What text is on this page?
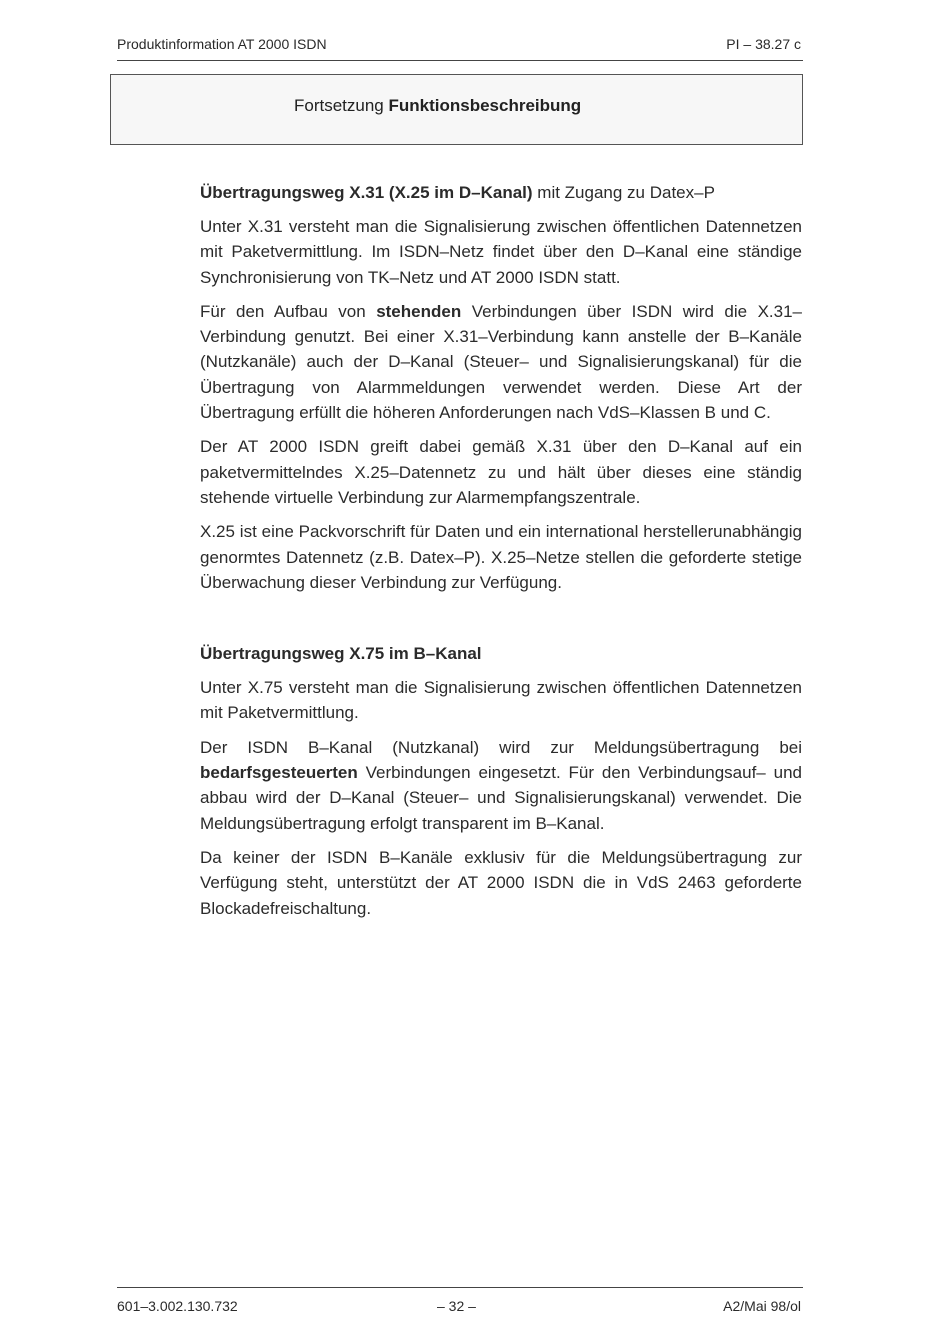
Produktinformation AT 2000 ISDN	PI – 38.27 c
Fortsetzung Funktionsbeschreibung
Übertragungsweg X.31 (X.25 im D–Kanal) mit Zugang zu Datex–P

Unter X.31 versteht man die Signalisierung zwischen öffentlichen Datennetzen mit Paketvermittlung. Im ISDN–Netz findet über den D–Kanal eine ständige Synchronisierung von TK–Netz und AT 2000 ISDN statt.

Für den Aufbau von stehenden Verbindungen über ISDN wird die X.31–Verbindung genutzt. Bei einer X.31–Verbindung kann anstelle der B–Kanäle (Nutzkanäle) auch der D–Kanal (Steuer– und Signalisierungskanal) für die Übertragung von Alarmmeldungen verwendet werden. Diese Art der Übertragung erfüllt die höheren Anforderungen nach VdS–Klassen B und C.

Der AT 2000 ISDN greift dabei gemäß X.31 über den D–Kanal auf ein paketvermittelndes X.25–Datennetz zu und hält über dieses eine ständig stehende virtuelle Verbindung zur Alarmempfangszentrale.

X.25 ist eine Packvorschrift für Daten und ein international herstellerunabhängig genormtes Datennetz (z.B. Datex–P). X.25–Netze stellen die geforderte stetige Überwachung dieser Verbindung zur Verfügung.

Übertragungsweg X.75 im B–Kanal

Unter X.75 versteht man die Signalisierung zwischen öffentlichen Datennetzen mit Paketvermittlung.

Der ISDN B–Kanal (Nutzkanal) wird zur Meldungsübertragung bei bedarfsgesteuerten Verbindungen eingesetzt. Für den Verbindungsauf– und abbau wird der D–Kanal (Steuer– und Signalisierungskanal) verwendet. Die Meldungsübertragung erfolgt transparent im B–Kanal.

Da keiner der ISDN B–Kanäle exklusiv für die Meldungsübertragung zur Verfügung steht, unterstützt der AT 2000 ISDN die in VdS 2463 geforderte Blockadefreischaltung.

601–3.002.130.732	– 32 –	A2/Mai 98/ol
